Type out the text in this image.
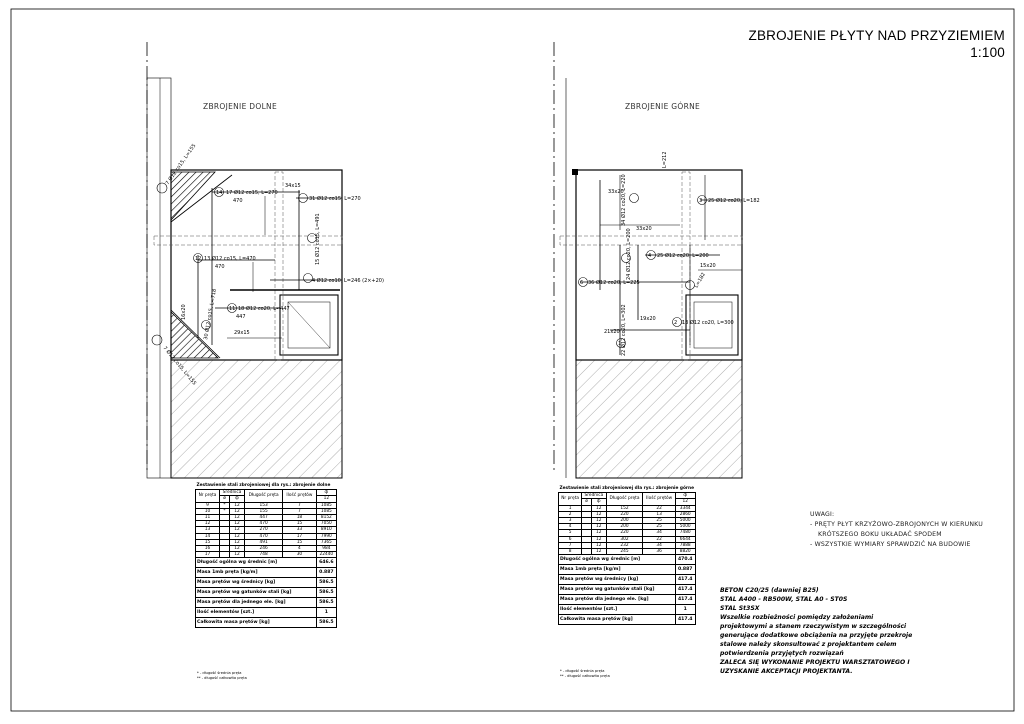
ZBROJENIE PŁYTY NAD PRZYZIEMIEM
1:100
ZBROJENIE DOLNE	ZBROJENIE GÓRNE
7 Ø12 co15, L=155
17 Ø12 co15, L=270
14
470	31 Ø12 co15, L=270
34x15
13 Ø12 co15, L=470
12
470
15 Ø12 co15, L=491
4 Ø12 co10, L=246 (2×+20)
30 Ø12 co15, L=718	18 Ø12 co20, L=447
11
447
7 Ø12 co15, L=155
29x15
16x20
L=212
33x20
34 Ø12 co20, L=220	25 Ø12 co20, L=182
3
33x20
24 Ø12 co20, L=200	4 25 Ø12 co20, L=200
36 Ø12 co20, L=225
6
22 Ø12 co20, L=302
1
L=182
13 Ø12 co20, L=300
2
21x20
15x20
19x20
Zestawienie stali zbrojeniowej dla rys.: zbrojenie dolne					
Nr pręta	Średnica		Długość pręta	Ilość prętów	ф
	ø	ф			12
9	*	12	153	7	1085
10	*	12	155	7	1085
11		12	447	18	8152
12		12	470	15	7050
13		12	270	33	8910
14		12	470	17	7990
15		12	491	15	7365
16		12	246	4	984
17		12	748	30	22440
Długość ogólna wg średnic [m]					646.6
Masa 1mb pręta [kg/m]					0.887
Masa prętów wg średnicy [kg]					586.5
Masa prętów wg gatunków stali [kg]					586.5
Masa prętów dla jednego ele. [kg]					586.5
Ilość elementów [szt.]					1
Całkowita masa prętów [kg]					586.5
* - długość średnia pręta
** - długość całkowita pręta
Zestawienie stali zbrojeniowej dla rys.: zbrojenie górne					
Nr pręta	Średnica		Długość pręta	Ilość prętów	ф
	ø	ф			12
1		12	152	22	3344
2		12	220	13	2860
3		12	200	25	5000
4		12	200	25	5000
5		12	220	34	7480
6		12	302	22	6644
7		12	232	34	7888
8		12	245	36	8820
Długość ogólna wg średnic [m]					470.4
Masa 1mb pręta [kg/m]					0.887
Masa prętów wg średnicy [kg]					417.4
Masa prętów wg gatunków stali [kg]					417.4
Masa prętów dla jednego ele. [kg]					417.4
Ilość elementów [szt.]					1
Całkowita masa prętów [kg]					417.4
* - długość średnia pręta
** - długość całkowita pręta
UWAGI:
- PRĘTY PŁYT KRZYŻOWO-ZBROJONYCH W KIERUNKU
KRÓTSZEGO BOKU UKŁADAĆ SPODEM
- WSZYSTKIE WYMIARY SPRAWDZIĆ NA BUDOWIE
BETON C20/25 (dawniej B25)
STAL A400 - RB500W, STAL A0 - ST0S
STAL St3SX
Wszelkie rozbieżności pomiędzy założeniami
projektowymi a stanem rzeczywistym w szczególności
generujące dodatkowe obciążenia na przyjęte przekroje
stalowe należy skonsultować z projektantem celem
potwierdzenia przyjętych rozwiązań
ZALECA SIĘ WYKONANIE PROJEKTU WARSZTATOWEGO I
UZYSKANIE AKCEPTACJI PROJEKTANTA.
